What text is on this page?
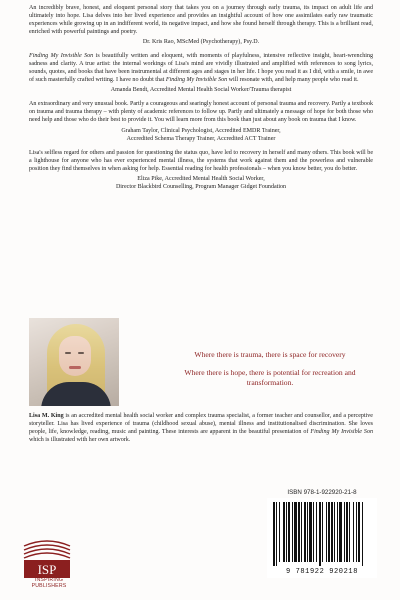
An incredibly brave, honest, and eloquent personal story that takes you on a journey through early trauma, its impact on adult life and ultimately into hope. Lisa delves into her lived experience and provides an insightful account of how one assimilates early raw traumatic experiences while growing up in an indifferent world, its negative impact, and how she found herself through therapy. This is a brilliant read, enriched with powerful paintings and poetry.

Dr. Kris Rao, MScMed (Psychotherapy), Psy.D.

Finding My Invisible Son is beautifully written and eloquent, with moments of playfulness, intensive reflective insight, heart-wrenching sadness and clarity. A true artist: the internal workings of Lisa's mind are vividly illustrated and amplified with references to song lyrics, sounds, quotes, and books that have been instrumental at different ages and stages in her life. I hope you read it as I did, with a smile, in awe of such masterfully crafted writing. I have no doubt that Finding My Invisible Son will resonate with, and help many people who read it.

Amanda Bendt, Accredited Mental Health Social Worker/Trauma therapist

An extraordinary and very unusual book. Partly a courageous and searingly honest account of personal trauma and recovery. Partly a textbook on trauma and trauma therapy – with plenty of academic references to follow up. Partly and ultimately a message of hope for both those who need help and those who do their best to provide it. You will learn more from this book than just about any book on trauma that I know.

Graham Taylor, Clinical Psychologist, Accredited EMDR Trainer,
Accredited Schema Therapy Trainer, Accredited ACT Trainer

Lisa's selfless regard for others and passion for questioning the status quo, have led to recovery in herself and many others. This book will be a lighthouse for anyone who has ever experienced mental illness, the systems that work against them and the powerless and vulnerable position they find themselves in when asking for help. Essential reading for health professionals – when you know better, you do better.

Eliza Pike, Accredited Mental Health Social Worker,
Director Blackbird Counselling, Program Manager Gidget Foundation
Where there is trauma, there is space for recovery
Where there is hope, there is potential for recreation and transformation.
Lisa M. King is an accredited mental health social worker and complex trauma specialist, a former teacher and counsellor, and a perceptive storyteller. Lisa has lived experience of trauma (childhood sexual abuse), mental illness and institutionalised discrimination. She loves people, life, knowledge, reading, music and painting. These interests are apparent in the beautiful presentation of Finding My Invisible Son which is illustrated with her own artwork.
ISBN 978-1-922920-21-8
9 781922 920218
ISP
INSPIRING PUBLISHERS
